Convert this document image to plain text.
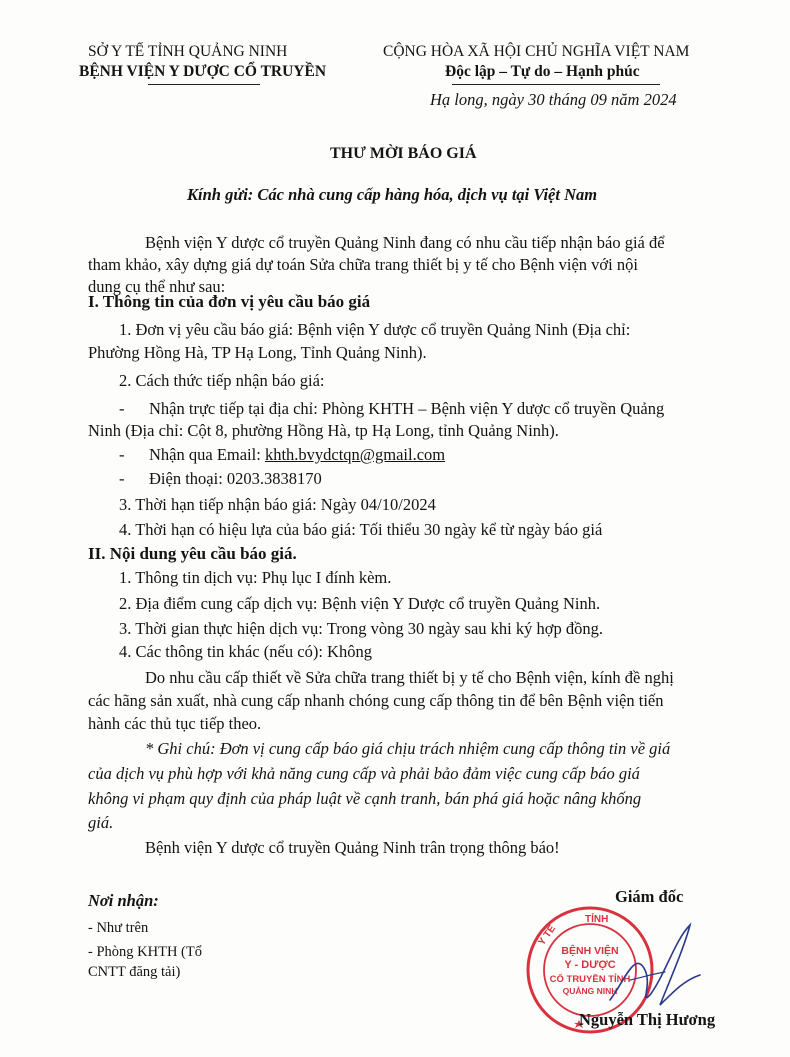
SỞ Y TẾ TỈNH QUẢNG NINH
BỆNH VIỆN Y DƯỢC CỔ TRUYỀN
CỘNG HÒA XÃ HỘI CHỦ NGHĨA VIỆT NAM
Độc lập – Tự do – Hạnh phúc
Hạ long, ngày 30 tháng 09 năm 2024
THƯ MỜI BÁO GIÁ
Kính gửi: Các nhà cung cấp hàng hóa, dịch vụ tại Việt Nam
Bệnh viện Y dược cổ truyền Quảng Ninh đang có nhu cầu tiếp nhận báo giá để
tham khảo, xây dựng giá dự toán Sửa chữa trang thiết bị y tế cho Bệnh viện với nội
dung cụ thể như sau:
I. Thông tin của đơn vị yêu cầu báo giá
1. Đơn vị yêu cầu báo giá: Bệnh viện Y dược cổ truyền Quảng Ninh (Địa chỉ:
Phường Hồng Hà, TP Hạ Long, Tỉnh Quảng Ninh).
2. Cách thức tiếp nhận báo giá:
- Nhận trực tiếp tại địa chỉ: Phòng KHTH – Bệnh viện Y dược cổ truyền Quảng
Ninh (Địa chỉ: Cột 8, phường Hồng Hà, tp Hạ Long, tỉnh Quảng Ninh).
- Nhận qua Email: khth.bvydctqn@gmail.com
- Điện thoại: 0203.3838170
3. Thời hạn tiếp nhận báo giá: Ngày 04/10/2024
4. Thời hạn có hiệu lựa của báo giá: Tối thiểu 30 ngày kể từ ngày báo giá
II. Nội dung yêu cầu báo giá.
1. Thông tin dịch vụ: Phụ lục I đính kèm.
2. Địa điểm cung cấp dịch vụ: Bệnh viện Y Dược cổ truyền Quảng Ninh.
3. Thời gian thực hiện dịch vụ: Trong vòng 30 ngày sau khi ký hợp đồng.
4. Các thông tin khác (nếu có): Không
Do nhu cầu cấp thiết về Sửa chữa trang thiết bị y tế cho Bệnh viện, kính đề nghị
các hãng sản xuất, nhà cung cấp nhanh chóng cung cấp thông tin để bên Bệnh viện tiến
hành các thủ tục tiếp theo.
* Ghi chú: Đơn vị cung cấp báo giá chịu trách nhiệm cung cấp thông tin về giá
của dịch vụ phù hợp với khả năng cung cấp và phải bảo đảm việc cung cấp báo giá
không vi phạm quy định của pháp luật về cạnh tranh, bán phá giá hoặc nâng khống
giá.
Bệnh viện Y dược cổ truyền Quảng Ninh trân trọng thông báo!
Nơi nhận:
- Như trên
- Phòng KHTH (Tổ
CNTT đăng tải)
Giám đốc
TỈNH
Y TẾ
BỆNH VIỆN
Y - DƯỢC
CỔ TRUYỀN TỈNH
QUẢNG NINH
Nguyễn Thị Hương
